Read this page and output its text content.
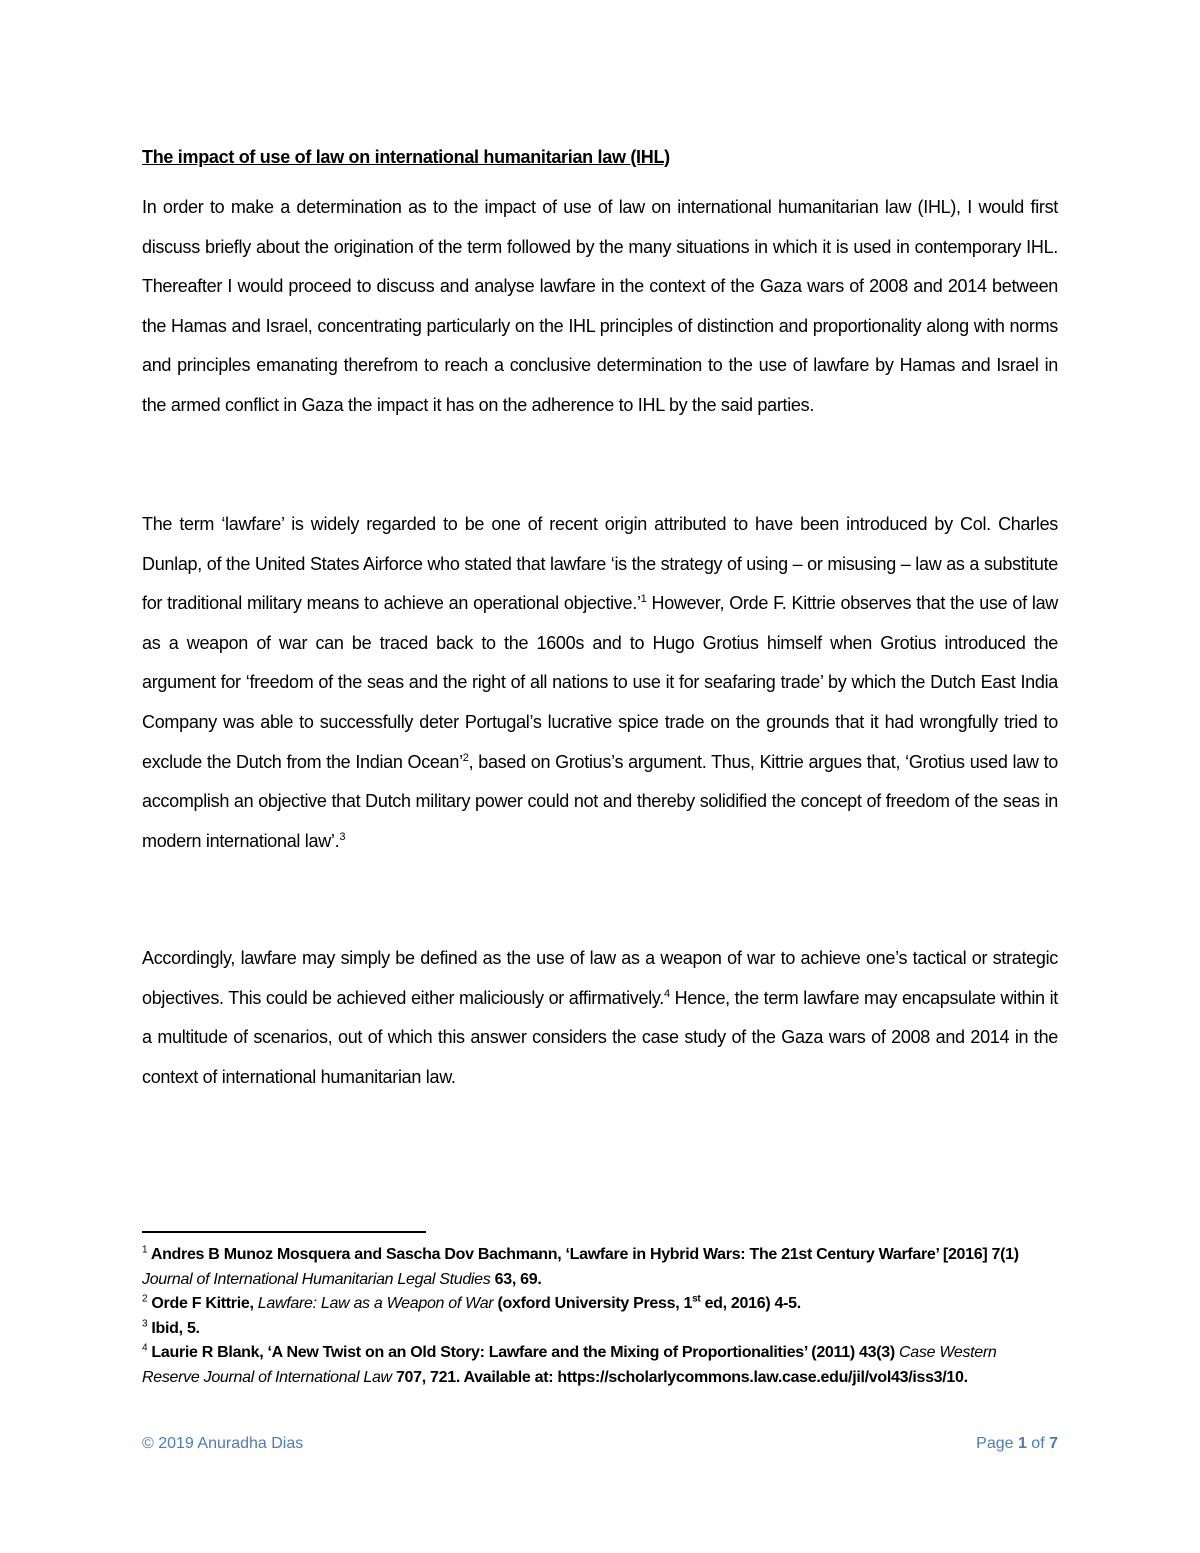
The impact of use of law on international humanitarian law (IHL)

In order to make a determination as to the impact of use of law on international humanitarian law (IHL), I would first discuss briefly about the origination of the term followed by the many situations in which it is used in contemporary IHL. Thereafter I would proceed to discuss and analyse lawfare in the context of the Gaza wars of 2008 and 2014 between the Hamas and Israel, concentrating particularly on the IHL principles of distinction and proportionality along with norms and principles emanating therefrom to reach a conclusive determination to the use of lawfare by Hamas and Israel in the armed conflict in Gaza the impact it has on the adherence to IHL by the said parties.

The term ‘lawfare’ is widely regarded to be one of recent origin attributed to have been introduced by Col. Charles Dunlap, of the United States Airforce who stated that lawfare ‘is the strategy of using – or misusing – law as a substitute for traditional military means to achieve an operational objective.’$^1$ However, Orde F. Kittrie observes that the use of law as a weapon of war can be traced back to the 1600s and to Hugo Grotius himself when Grotius introduced the argument for ‘freedom of the seas and the right of all nations to use it for seafaring trade’ by which the Dutch East India Company was able to successfully deter Portugal’s lucrative spice trade on the grounds that it had wrongfully tried to exclude the Dutch from the Indian Ocean’$^2$, based on Grotius’s argument. Thus, Kittrie argues that, ‘Grotius used law to accomplish an objective that Dutch military power could not and thereby solidified the concept of freedom of the seas in modern international law’.$^3$

Accordingly, lawfare may simply be defined as the use of law as a weapon of war to achieve one’s tactical or strategic objectives. This could be achieved either maliciously or affirmatively.$^4$ Hence, the term lawfare may encapsulate within it a multitude of scenarios, out of which this answer considers the case study of the Gaza wars of 2008 and 2014 in the context of international humanitarian law.

$^1$ Andres B Munoz Mosquera and Sascha Dov Bachmann, ‘Lawfare in Hybrid Wars: The 21st Century Warfare’ [2016] 7(1) Journal of International Humanitarian Legal Studies 63, 69.

$^2$ Orde F Kittrie, Lawfare: Law as a Weapon of War (oxford University Press, 1st ed, 2016) 4-5.

$^3$ Ibid, 5.

$^4$ Laurie R Blank, ‘A New Twist on an Old Story: Lawfare and the Mixing of Proportionalities’ (2011) 43(3) Case Western Reserve Journal of International Law 707, 721. Available at: https://scholarlycommons.law.case.edu/jil/vol43/iss3/10.

© 2019 Anuradha Dias	Page 1 of 7
